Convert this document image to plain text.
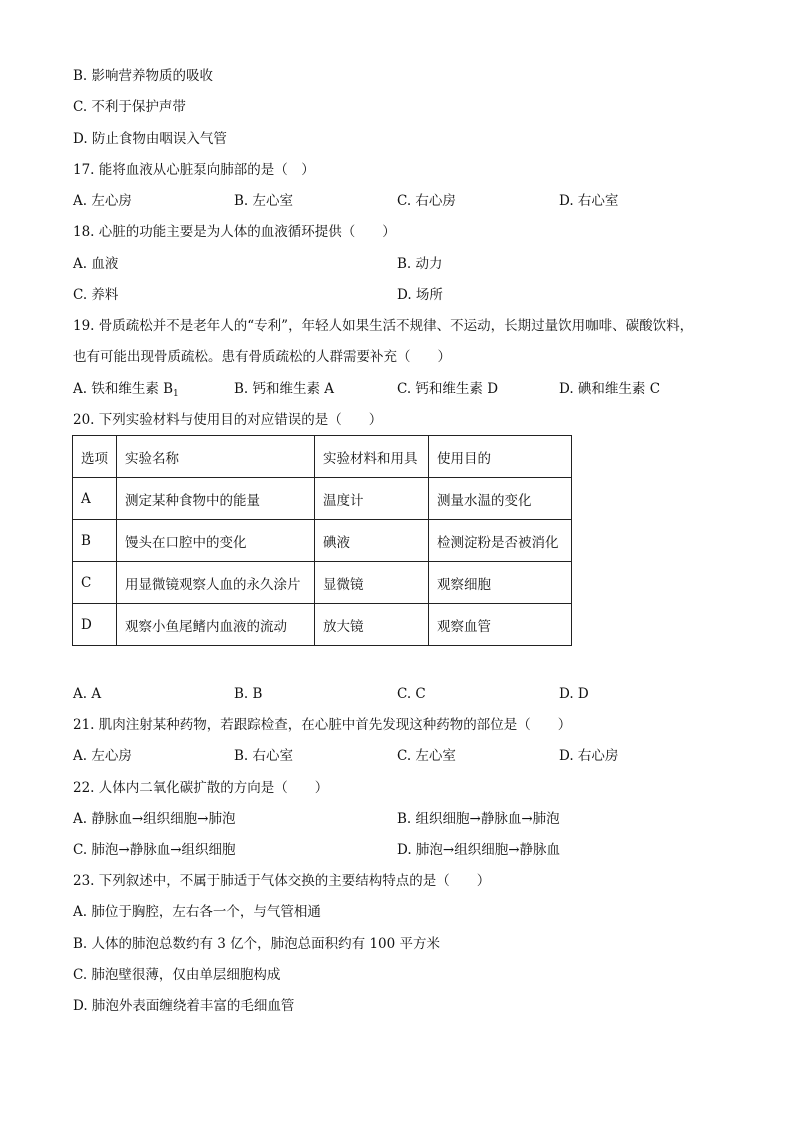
B. 影响营养物质的吸收
C. 不利于保护声带
D. 防止食物由咽误入气管
17. 能将血液从心脏泵向肺部的是（　）
A. 左心房	B. 左心室	C. 右心房	D. 右心室
18. 心脏的功能主要是为人体的血液循环提供（　　）
A. 血液	B. 动力
C. 养料	D. 场所
19. 骨质疏松并不是老年人的“专利”，年轻人如果生活不规律、不运动，长期过量饮用咖啡、碳酸饮料，
也有可能出现骨质疏松。患有骨质疏松的人群需要补充（　　）
A. 铁和维生素 $B_1$	B. 钙和维生素 A	C. 钙和维生素 D	D. 碘和维生素 C
20. 下列实验材料与使用目的对应错误的是（　　）
选项	实验名称	实验材料和用具	使用目的
A	测定某种食物中的能量	温度计	测量水温的变化
B	馒头在口腔中的变化	碘液	检测淀粉是否被消化
C	用显微镜观察人血的永久涂片	显微镜	观察细胞
D	观察小鱼尾鳍内血液的流动	放大镜	观察血管
A. A	B. B	C. C	D. D
21. 肌肉注射某种药物，若跟踪检查，在心脏中首先发现这种药物的部位是（　　）
A. 左心房	B. 右心室	C. 左心室	D. 右心房
22. 人体内二氧化碳扩散的方向是（　　）
A. 静脉血→组织细胞→肺泡	B. 组织细胞→静脉血→肺泡
C. 肺泡→静脉血→组织细胞	D. 肺泡→组织细胞→静脉血
23. 下列叙述中，不属于肺适于气体交换的主要结构特点的是（　　）
A. 肺位于胸腔，左右各一个，与气管相通
B. 人体的肺泡总数约有 3 亿个，肺泡总面积约有 100 平方米
C. 肺泡壁很薄，仅由单层细胞构成
D. 肺泡外表面缠绕着丰富的毛细血管
